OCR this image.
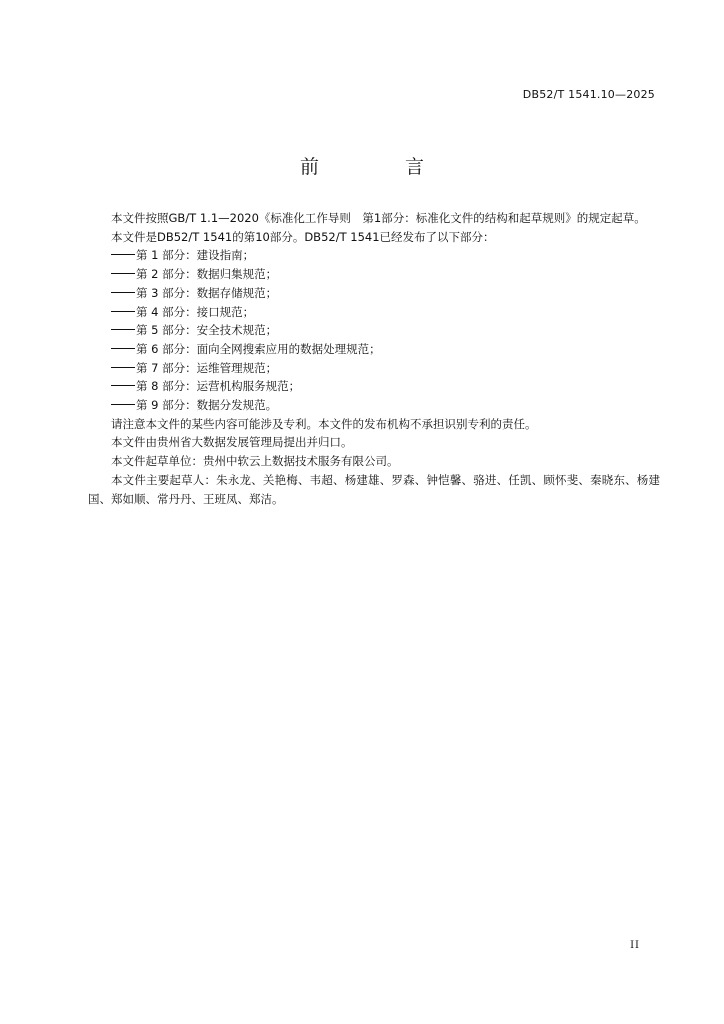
DB52/T 1541.10—2025
前 言

本文件按照GB/T 1.1—2020《标准化工作导则　第1部分：标准化文件的结构和起草规则》的规定起草。

本文件是DB52/T 1541的第10部分。DB52/T 1541已经发布了以下部分：

第 1 部分：建设指南；
第 2 部分：数据归集规范；
第 3 部分：数据存储规范；
第 4 部分：接口规范；
第 5 部分：安全技术规范；
第 6 部分：面向全网搜索应用的数据处理规范；
第 7 部分：运维管理规范；
第 8 部分：运营机构服务规范；
第 9 部分：数据分发规范。

请注意本文件的某些内容可能涉及专利。本文件的发布机构不承担识别专利的责任。

本文件由贵州省大数据发展管理局提出并归口。

本文件起草单位：贵州中软云上数据技术服务有限公司。

本文件主要起草人：朱永龙、关艳梅、韦超、杨建雄、罗森、钟恺馨、骆进、任凯、顾怀斐、秦晓东、杨建国、郑如顺、常丹丹、王班凤、郑洁。

II
